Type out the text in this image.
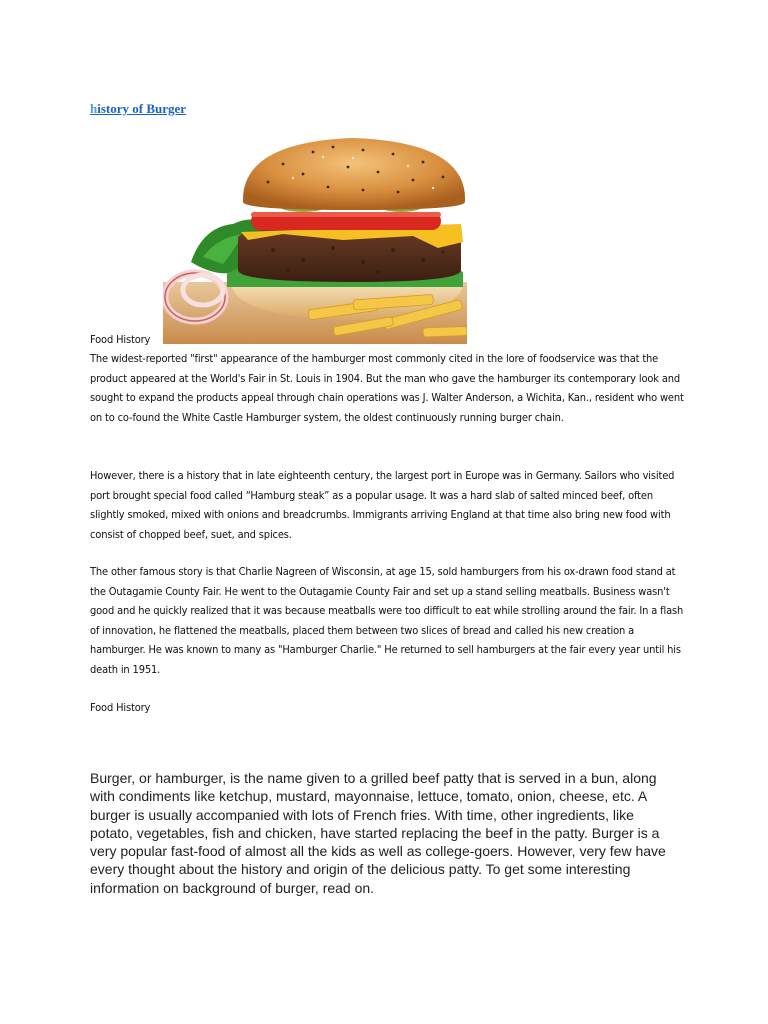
history of Burger

Food History

The widest-reported "first" appearance of the hamburger most commonly cited in the lore of foodservice was that the product appeared at the World's Fair in St. Louis in 1904. But the man who gave the hamburger its contemporary look and sought to expand the products appeal through chain operations was J. Walter Anderson, a Wichita, Kan., resident who went on to co-found the White Castle Hamburger system, the oldest continuously running burger chain.

However, there is a history that in late eighteenth century, the largest port in Europe was in Germany. Sailors who visited port brought special food called “Hamburg steak” as a popular usage. It was a hard slab of salted minced beef, often slightly smoked, mixed with onions and breadcrumbs. Immigrants arriving England at that time also bring new food with consist of chopped beef, suet, and spices.

The other famous story is that Charlie Nagreen of Wisconsin, at age 15, sold hamburgers from his ox-drawn food stand at the Outagamie County Fair. He went to the Outagamie County Fair and set up a stand selling meatballs. Business wasn't good and he quickly realized that it was because meatballs were too difficult to eat while strolling around the fair. In a flash of innovation, he flattened the meatballs, placed them between two slices of bread and called his new creation a hamburger. He was known to many as "Hamburger Charlie." He returned to sell hamburgers at the fair every year until his death in 1951.

Food History

Burger, or hamburger, is the name given to a grilled beef patty that is served in a bun, along with condiments like ketchup, mustard, mayonnaise, lettuce, tomato, onion, cheese, etc. A burger is usually accompanied with lots of French fries. With time, other ingredients, like potato, vegetables, fish and chicken, have started replacing the beef in the patty. Burger is a very popular fast-food of almost all the kids as well as college-goers. However, very few have every thought about the history and origin of the delicious patty. To get some interesting information on background of burger, read on.
